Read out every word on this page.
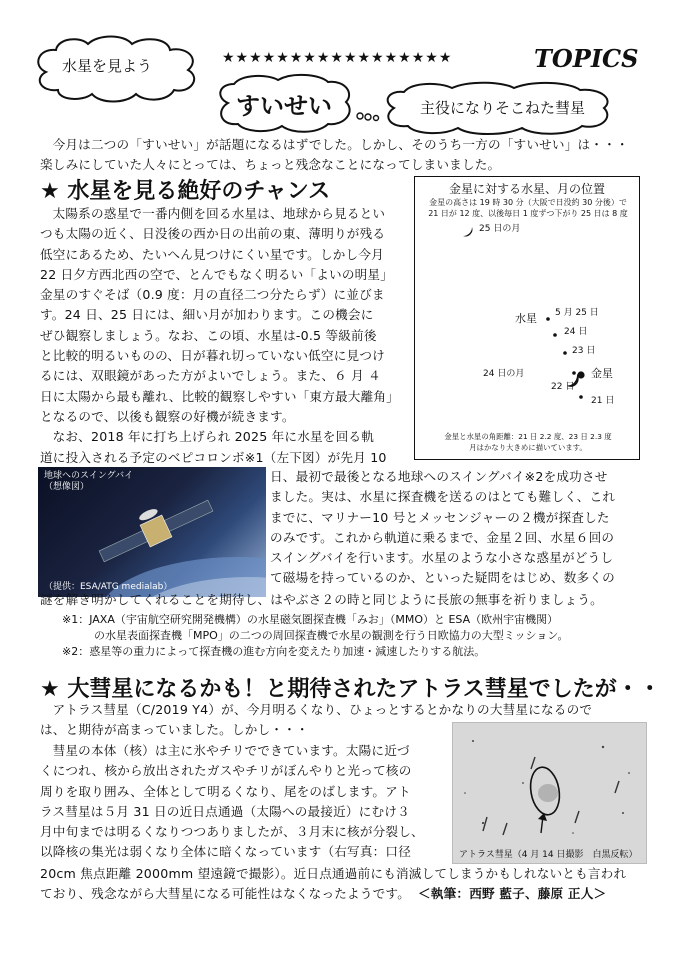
水星を見よう	★★★★★★★★★★★★★★★★★	TOPICS
すいせい	主役になりそこねた彗星
今月は二つの「すいせい」が話題になるはずでした。しかし、そのうち一方の「すいせい」は・・・
楽しみにしていた人々にとっては、ちょっと残念なことになってしまいました。
★ 水星を見る絶好のチャンス
太陽系の惑星で一番内側を回る水星は、地球から見るとい
つも太陽の近く、日没後の西か日の出前の東、薄明りが残る
低空にあるため、たいへん見つけにくい星です。しかし今月
22 日夕方西北西の空で、とんでもなく明るい「よいの明星」
金星のすぐそば（0.9 度：月の直径二つ分たらず）に並びま
す。24 日、25 日には、細い月が加わります。この機会に
ぜひ観察しましょう。なお、この頃、水星は-0.5 等級前後
と比較的明るいものの、日が暮れ切っていない低空に見つけ
るには、双眼鏡があった方がよいでしょう。また、６ 月 ４
日に太陽から最も離れ、比較的観察しやすい「東方最大離角」
となるので、以後も観察の好機が続きます。
なお、2018 年に打ち上げられ 2025 年に水星を回る軌
道に投入される予定のベピコロンボ※1（左下図）が先月 10
金星に対する水星、月の位置
金星の高さは 19 時 30 分（大阪で日没約 30 分後）で
21 日が 12 度、以後毎日 1 度ずつ下がり 25 日は 8 度
25 日の月
水星 5 月 25 日
24 日
23 日
24 日の月	金星
22 日
21 日
金星と水星の角距離：21 日 2.2 度、23 日 2.3 度
月はかなり大きめに描いています。
地球へのスイングバイ
（想像図）
（提供：ESA/ATG medialab）
日、最初で最後となる地球へのスイングバイ※2を成功させ
ました。実は、水星に探査機を送るのはとても難しく、これ
までに、マリナー10 号とメッセンジャーの２機が探査した
のみです。これから軌道に乗るまで、金星２回、水星６回の
スイングバイを行います。水星のような小さな惑星がどうし
て磁場を持っているのか、といった疑問をはじめ、数多くの
謎を解き明かしてくれることを期待し、はやぶさ２の時と同じように長旅の無事を祈りましょう。
※1：JAXA（宇宙航空研究開発機構）の水星磁気圏探査機「みお」（MMO）と ESA（欧州宇宙機関）
の水星表面探査機「MPO」の二つの周回探査機で水星の観測を行う日欧協力の大型ミッション。
※2：惑星等の重力によって探査機の進む方向を変えたり加速・減速したりする航法。
★ 大彗星になるかも！と期待されたアトラス彗星でしたが・・
アトラス彗星（C/2019 Y4）が、今月明るくなり、ひょっとするとかなりの大彗星になるので
は、と期待が高まっていました。しかし・・・
彗星の本体（核）は主に氷やチリでできています。太陽に近づ
くにつれ、核から放出されたガスやチリがぼんやりと光って核の
周りを取り囲み、全体として明るくなり、尾をのばします。アト
ラス彗星は５月 31 日の近日点通過（太陽への最接近）にむけ３
月中旬までは明るくなりつつありましたが、３月末に核が分裂し、
以降核の集光は弱くなり全体に暗くなっています（右写真：口径	アトラス彗星（4 月 14 日撮影　白黒反転）
20cm 焦点距離 2000mm 望遠鏡で撮影）。近日点通過前にも消滅してしまうかもしれないとも言われ
ており、残念ながら大彗星になる可能性はなくなったようです。 ＜執筆：西野 藍子、藤原 正人＞
